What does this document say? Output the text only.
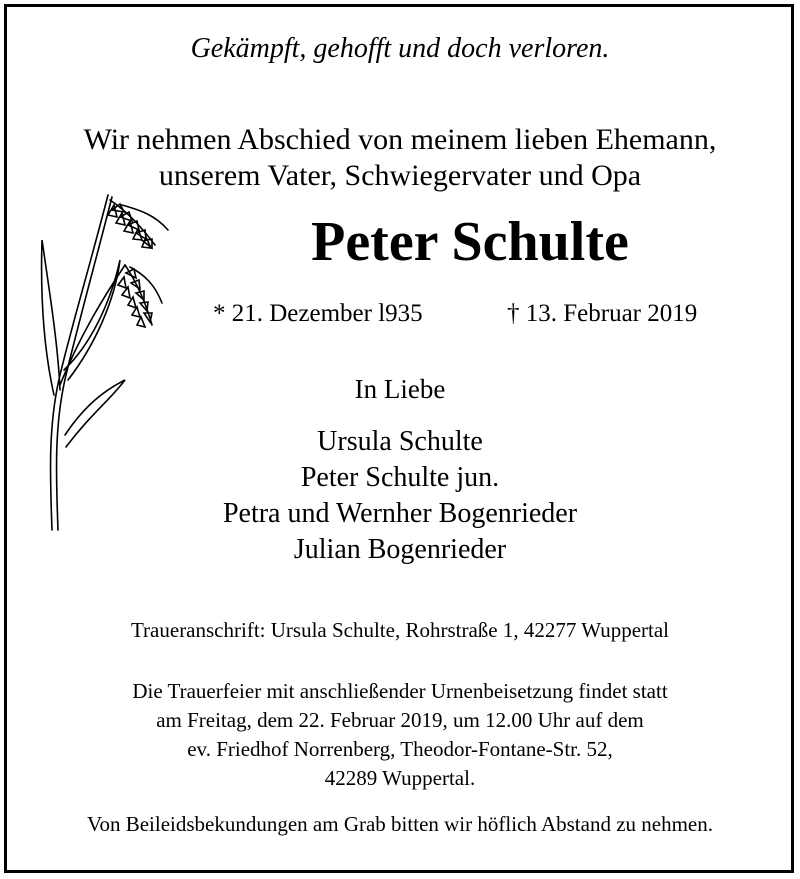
Gekämpft, gehofft und doch verloren.
Wir nehmen Abschied von meinem lieben Ehemann,
unserem Vater, Schwiegervater und Opa
Peter Schulte
* 21. Dezember l935	† 13. Februar 2019
In Liebe
Ursula Schulte
Peter Schulte jun.
Petra und Wernher Bogenrieder
Julian Bogenrieder
Traueranschrift: Ursula Schulte, Rohrstraße 1, 42277 Wuppertal
Die Trauerfeier mit anschließender Urnenbeisetzung findet statt
am Freitag, dem 22. Februar 2019, um 12.00 Uhr auf dem
ev. Friedhof Norrenberg, Theodor-Fontane-Str. 52,
42289 Wuppertal.
Von Beileidsbekundungen am Grab bitten wir höflich Abstand zu nehmen.
